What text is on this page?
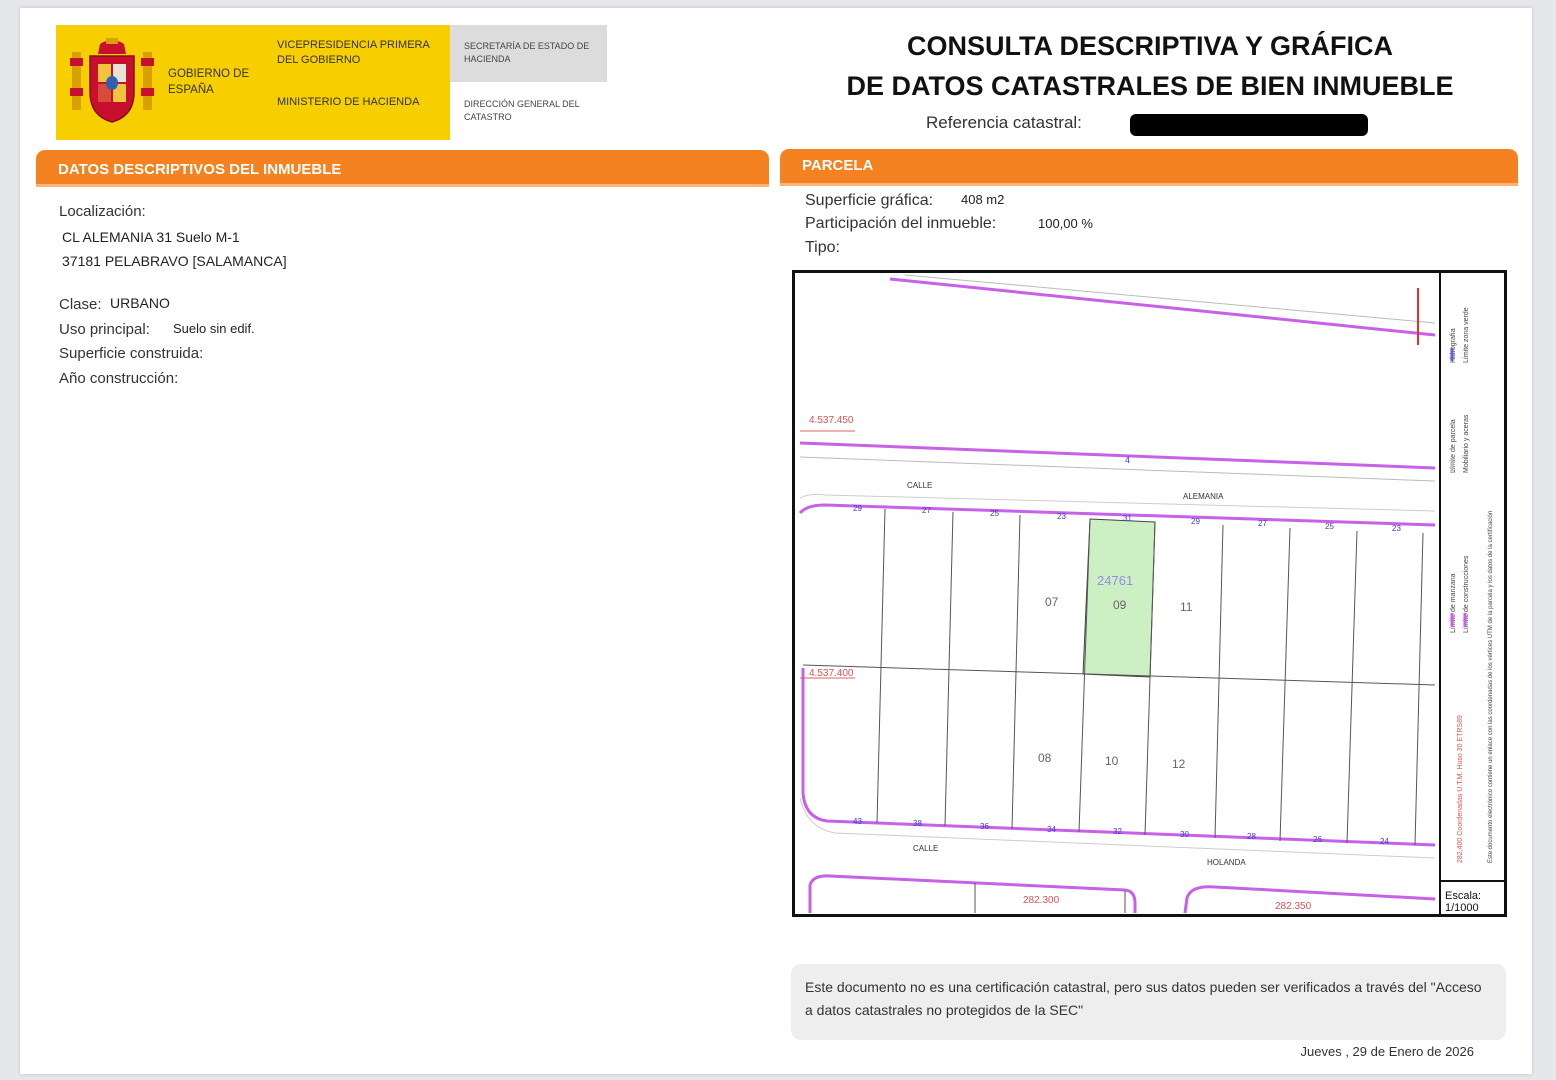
GOBIERNO DE ESPAÑA
VICEPRESIDENCIA PRIMERA DEL GOBIERNO
MINISTERIO DE HACIENDA
SECRETARÍA DE ESTADO DE HACIENDA
DIRECCIÓN GENERAL DEL CATASTRO
CONSULTA DESCRIPTIVA Y GRÁFICA
DE DATOS CATASTRALES DE BIEN INMUEBLE
Referencia catastral:
DATOS DESCRIPTIVOS DEL INMUEBLE	PARCELA
Localización:
CL ALEMANIA 31 Suelo M-1
37181 PELABRAVO [SALAMANCA]
Clase: URBANO
Uso principal: Suelo sin edif.
Superficie construida:
Año construcción:
Superficie gráfica: 408 m2
Participación del inmueble:	100,00 %
Tipo:
4.537.450
4.537.400
282.300
282.350
CALLE
ALEMANIA
CALLE
HOLANDA
4
24761
07	09	11
08	10	12
29	27	25	23	31	29	27	25	23
43	38	36	34	32	30	28	26	24
Límite de manzana
Límite de parcela
Hidrografía
Límite de construcciones
Mobiliario y aceras
Límite zona verde
282,400 Coordenadas U.T.M. Huso 30 ETRS89	Este documento electrónico contiene un enlace con las coordenadas de los vértices UTM de la parcela y los datos de la certificación
Escala:
1/1000
Este documento no es una certificación catastral, pero sus datos pueden ser verificados a través del "Acceso a datos catastrales no protegidos de la SEC"
Jueves , 29 de Enero de 2026
